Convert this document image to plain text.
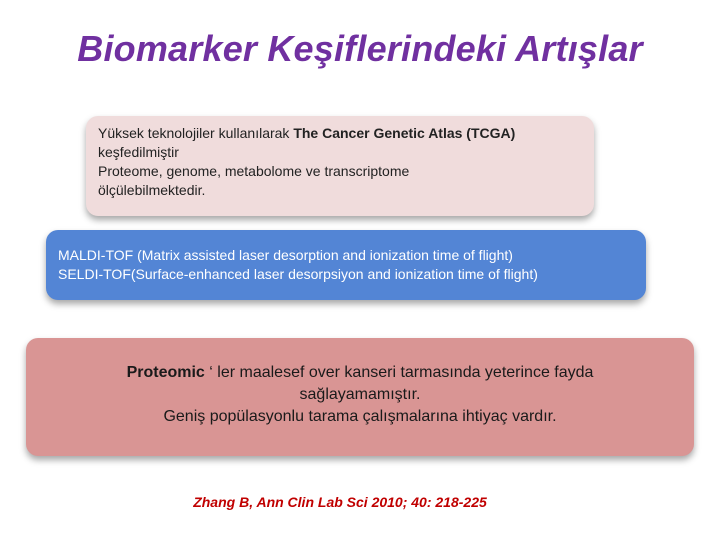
Biomarker Keşiflerindeki Artışlar
Yüksek teknolojiler kullanılarak The Cancer Genetic Atlas (TCGA)
keşfedilmiştir
Proteome, genome, metabolome ve transcriptome
ölçülebilmektedir.
MALDI-TOF (Matrix assisted laser desorption and ionization time of flight)
SELDI-TOF(Surface-enhanced laser desorpsiyon and ionization time of flight)
Proteomic ‘ ler maalesef over kanseri tarmasında yeterince fayda
sağlayamamıştır.
Geniş popülasyonlu tarama çalışmalarına ihtiyaç vardır.
Zhang B, Ann Clin Lab Sci 2010; 40: 218-225
